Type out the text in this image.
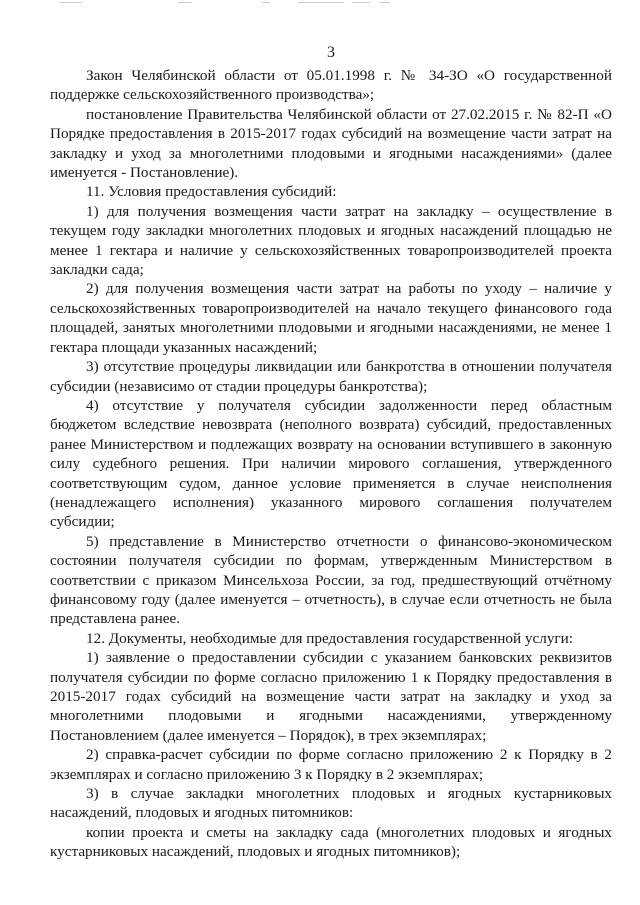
3

Закон Челябинской области от 05.01.1998 г. № 34-ЗО «О государственной поддержке сельскохозяйственного производства»;

постановление Правительства Челябинской области от 27.02.2015 г. № 82-П «О Порядке предоставления в 2015-2017 годах субсидий на возмещение части затрат на закладку и уход за многолетними плодовыми и ягодными насаждениями» (далее именуется - Постановление).

11. Условия предоставления субсидий:

1) для получения возмещения части затрат на закладку – осуществление в текущем году закладки многолетних плодовых и ягодных насаждений площадью не менее 1 гектара и наличие у сельскохозяйственных товаропроизводителей проекта закладки сада;

2) для получения возмещения части затрат на работы по уходу – наличие у сельскохозяйственных товаропроизводителей на начало текущего финансового года площадей, занятых многолетними плодовыми и ягодными насаждениями, не менее 1 гектара площади указанных насаждений;

3) отсутствие процедуры ликвидации или банкротства в отношении получателя субсидии (независимо от стадии процедуры банкротства);

4) отсутствие у получателя субсидии задолженности перед областным бюджетом вследствие невозврата (неполного возврата) субсидий, предоставленных ранее Министерством и подлежащих возврату на основании вступившего в законную силу судебного решения. При наличии мирового соглашения, утвержденного соответствующим судом, данное условие применяется в случае неисполнения (ненадлежащего исполнения) указанного мирового соглашения получателем субсидии;

5) представление в Министерство отчетности о финансово-экономическом состоянии получателя субсидии по формам, утвержденным Министерством в соответствии с приказом Минсельхоза России, за год, предшествующий отчётному финансовому году (далее именуется – отчетность), в случае если отчетность не была представлена ранее.

12. Документы, необходимые для предоставления государственной услуги:

1) заявление о предоставлении субсидии с указанием банковских реквизитов получателя субсидии по форме согласно приложению 1 к Порядку предоставления в 2015-2017 годах субсидий на возмещение части затрат на закладку и уход за многолетними плодовыми и ягодными насаждениями, утвержденному Постановлением (далее именуется – Порядок), в трех экземплярах;

2) справка-расчет субсидии по форме согласно приложению 2 к Порядку в 2 экземплярах и согласно приложению 3 к Порядку в 2 экземплярах;

3) в случае закладки многолетних плодовых и ягодных кустарниковых насаждений, плодовых и ягодных питомников:

копии проекта и сметы на закладку сада (многолетних плодовых и ягодных кустарниковых насаждений, плодовых и ягодных питомников);
